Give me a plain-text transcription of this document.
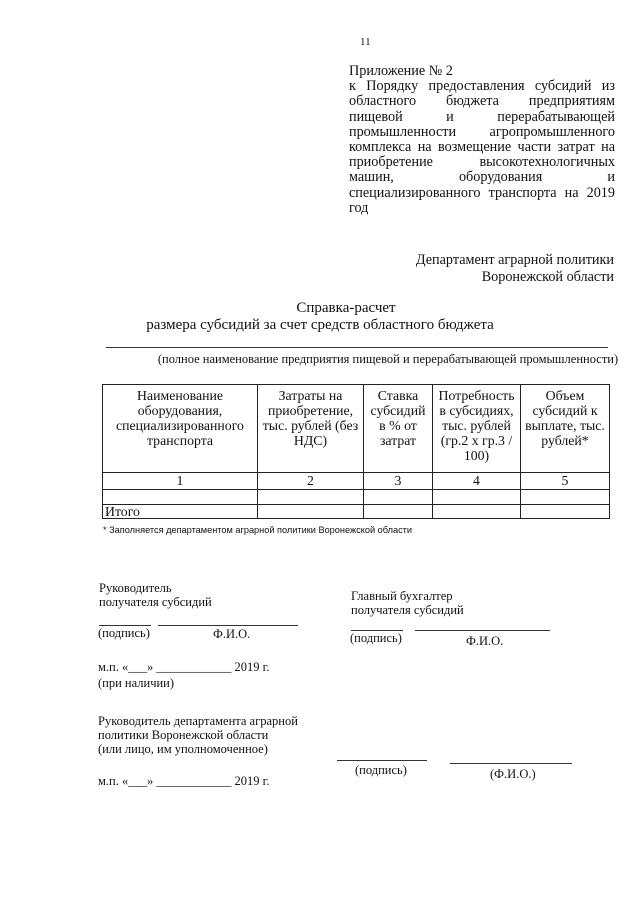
11
Приложение № 2
к Порядку предоставления субсидий из областного бюджета предприятиям пищевой и перерабатывающей промышленности агропромышленного комплекса на возмещение части затрат на приобретение высокотехнологичных машин, оборудования и специализированного транспорта на 2019 год
Департамент аграрной политики
Воронежской области
Справка-расчет
размера субсидий за счет средств областного бюджета
(полное наименование предприятия пищевой и перерабатывающей промышленности)
Наименование оборудования, специализированного транспорта	Затраты на приобретение, тыс. рублей (без НДС)	Ставка субсидий в % от затрат	Потребность в субсидиях, тыс. рублей (гр.2 х гр.3 / 100)	Объем субсидий к выплате, тыс. рублей*
1	2	3	4	5

Итого				
* Заполняется департаментом аграрной политики Воронежской области
Руководитель
получателя субсидий
(подпись)	Ф.И.О.
Главный бухгалтер
получателя субсидий
(подпись)	Ф.И.О.
м.п. «___» ____________ 2019 г.
(при наличии)
Руководитель департамента аграрной
политики Воронежской области
(или лицо, им уполномоченное)
(подпись)	(Ф.И.О.)
м.п. «___» ____________ 2019 г.
